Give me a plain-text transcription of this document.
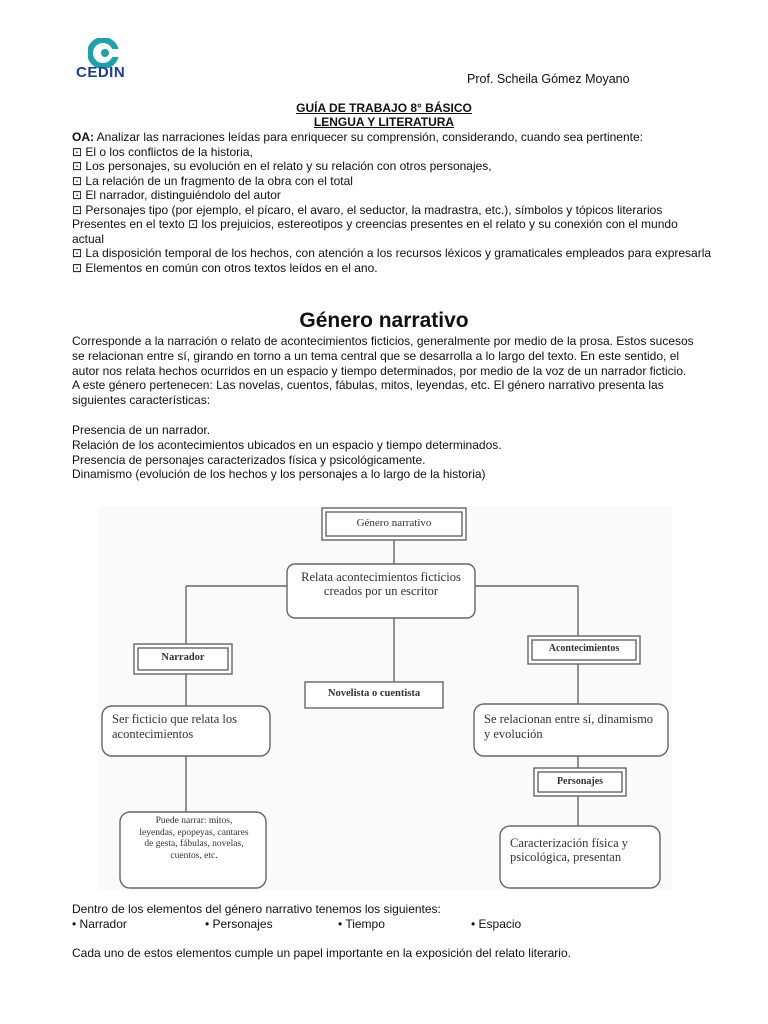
CEDIN	Prof. Scheila Gómez Moyano
GUÍA DE TRABAJO 8° BÁSICO
LENGUA Y LITERATURA
OA: Analizar las narraciones leídas para enriquecer su comprensión, considerando, cuando sea pertinente:
⊡ El o los conflictos de la historia,
⊡ Los personajes, su evolución en el relato y su relación con otros personajes,
⊡ La relación de un fragmento de la obra con el total
⊡ El narrador, distinguiéndolo del autor
⊡ Personajes tipo (por ejemplo, el pícaro, el avaro, el seductor, la madrastra, etc.), símbolos y tópicos literarios
Presentes en el texto ⊡ los prejuicios, estereotipos y creencias presentes en el relato y su conexión con el mundo actual
⊡ La disposición temporal de los hechos, con atención a los recursos léxicos y gramaticales empleados para expresarla
⊡ Elementos en común con otros textos leídos en el ano.
Género narrativo

Corresponde a la narración o relato de acontecimientos ficticios, generalmente por medio de la prosa. Estos sucesos se relacionan entre sí, girando en torno a un tema central que se desarrolla a lo largo del texto. En este sentido, el autor nos relata hechos ocurridos en un espacio y tiempo determinados, por medio de la voz de un narrador ficticio.

A este género pertenecen: Las novelas, cuentos, fábulas, mitos, leyendas, etc. El género narrativo presenta las siguientes características:

Presencia de un narrador.

Relación de los acontecimientos ubicados en un espacio y tiempo determinados.

Presencia de personajes caracterizados física y psicológicamente.

Dinamismo (evolución de los hechos y los personajes a lo largo de la historia)

Género narrativo
Relata acontecimientos ficticios creados por un escritor
Narrador
Acontecimientos
Novelista o cuentista
Ser ficticio que relata los acontecimientos
Se relacionan entre sí, dinamismo y evolución
Personajes
Puede narrar: mitos, leyendas, epopeyas, cantares de gesta, fábulas, novelas, cuentos, etc.
Caracterización física y psicológica, presentan
Dentro de los elementos del género narrativo tenemos los siguientes:
• Narrador	• Personajes	• Tiempo	• Espacio
Cada uno de estos elementos cumple un papel importante en la exposición del relato literario.
